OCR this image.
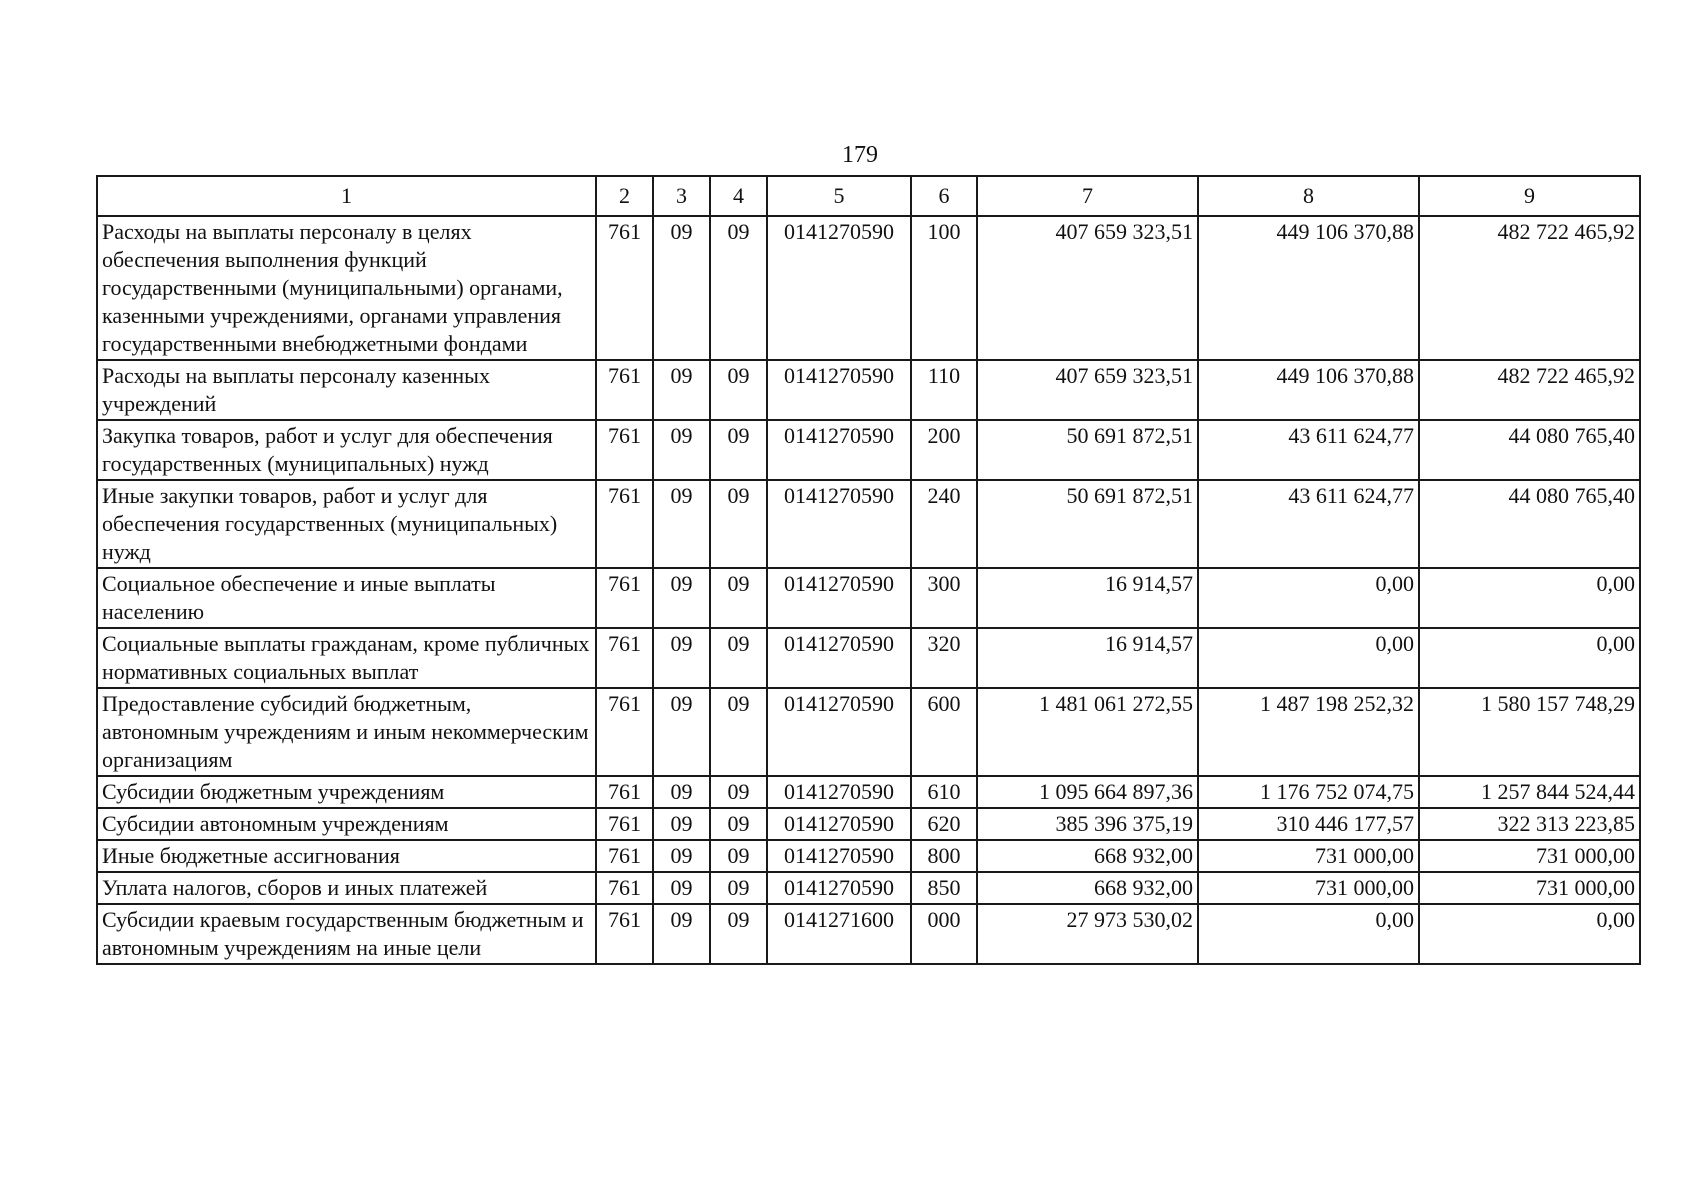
179
1	2	3	4	5	6	7	8	9
Расходы на выплаты персоналу в целях обеспечения выполнения функций государственными (муниципальными) органами, казенными учреждениями, органами управления государственными внебюджетными фондами	761	09	09	0141270590	100	407 659 323,51	449 106 370,88	482 722 465,92
Расходы на выплаты персоналу казенных учреждений	761	09	09	0141270590	110	407 659 323,51	449 106 370,88	482 722 465,92
Закупка товаров, работ и услуг для обеспечения государственных (муниципальных) нужд	761	09	09	0141270590	200	50 691 872,51	43 611 624,77	44 080 765,40
Иные закупки товаров, работ и услуг для обеспечения государственных (муниципальных) нужд	761	09	09	0141270590	240	50 691 872,51	43 611 624,77	44 080 765,40
Социальное обеспечение и иные выплаты населению	761	09	09	0141270590	300	16 914,57	0,00	0,00
Социальные выплаты гражданам, кроме публичных нормативных социальных выплат	761	09	09	0141270590	320	16 914,57	0,00	0,00
Предоставление субсидий бюджетным, автономным учреждениям и иным некоммерческим организациям	761	09	09	0141270590	600	1 481 061 272,55	1 487 198 252,32	1 580 157 748,29
Субсидии бюджетным учреждениям	761	09	09	0141270590	610	1 095 664 897,36	1 176 752 074,75	1 257 844 524,44
Субсидии автономным учреждениям	761	09	09	0141270590	620	385 396 375,19	310 446 177,57	322 313 223,85
Иные бюджетные ассигнования	761	09	09	0141270590	800	668 932,00	731 000,00	731 000,00
Уплата налогов, сборов и иных платежей	761	09	09	0141270590	850	668 932,00	731 000,00	731 000,00
Субсидии краевым государственным бюджетным и автономным учреждениям на иные цели	761	09	09	0141271600	000	27 973 530,02	0,00	0,00
